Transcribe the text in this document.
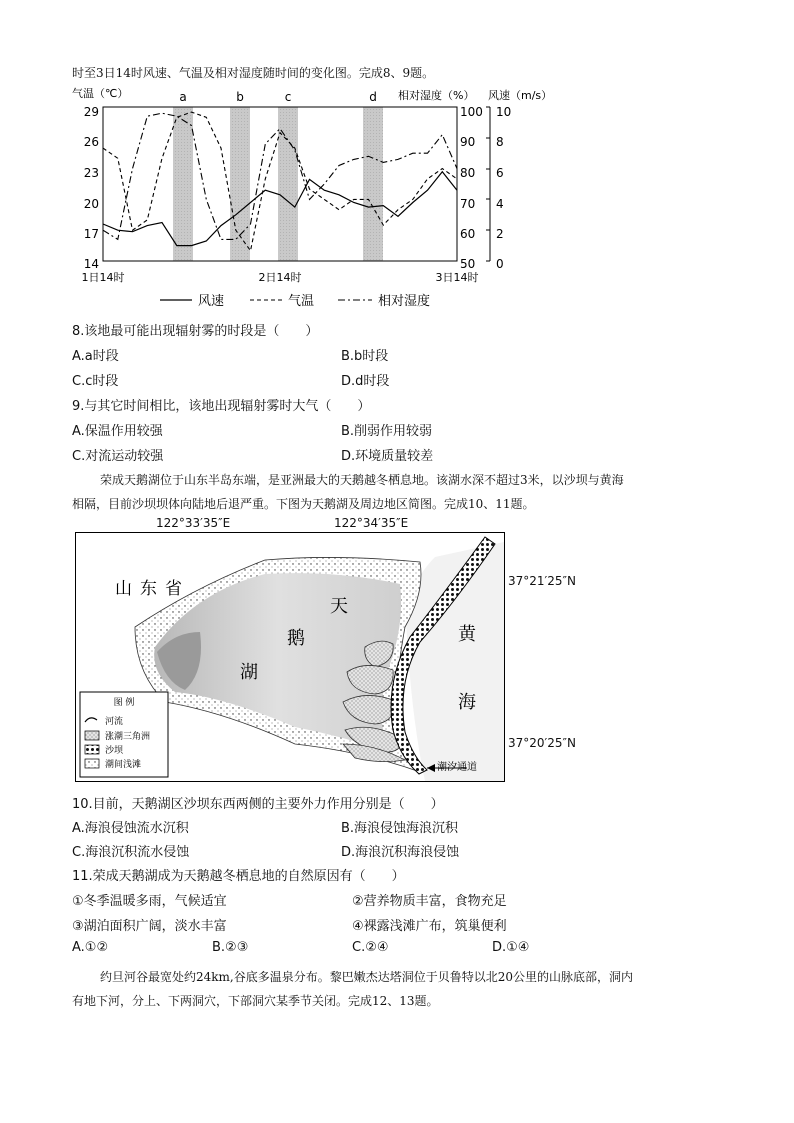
时至3日14时风速、气温及相对湿度随时间的变化图。完成8、9题。
气温（℃）	相对湿度（%） 风速（m/s）
a	b	c	d
29
26
23
20
17
14
100
90
80
70
60
50
10
8
6
4
2
0
1日14时	2日14时	3日14时
风速	气温	相对湿度
8.该地最可能出现辐射雾的时段是（　　）
A.a时段	B.b时段
C.c时段	D.d时段
9.与其它时间相比，该地出现辐射雾时大气（　　）
A.保温作用较强	B.削弱作用较弱
C.对流运动较强	D.环境质量较差
荣成天鹅湖位于山东半岛东端，是亚洲最大的天鹅越冬栖息地。该湖水深不超过3米，以沙坝与黄海
相隔，目前沙坝坝体向陆地后退严重。下图为天鹅湖及周边地区简图。完成10、11题。
122°33′35″E	122°34′35″E
37°21′25″N
37°20′25″N
潮汐通道
山东省
天
鹅
湖
黄
海
图 例
河流
涨潮三角洲
沙坝
潮间浅滩
10.目前，天鹅湖区沙坝东西两侧的主要外力作用分别是（　　）
A.海浪侵蚀流水沉积	B.海浪侵蚀海浪沉积
C.海浪沉积流水侵蚀	D.海浪沉积海浪侵蚀
11.荣成天鹅湖成为天鹅越冬栖息地的自然原因有（　　）
①冬季温暖多雨，气候适宜	②营养物质丰富，食物充足
③湖泊面积广阔，淡水丰富	④裸露浅滩广布，筑巢便利
A.①②	B.②③	C.②④	D.①④
约旦河谷最宽处约24km,谷底多温泉分布。黎巴嫩杰达塔洞位于贝鲁特以北20公里的山脉底部，洞内
有地下河，分上、下两洞穴，下部洞穴某季节关闭。完成12、13题。
